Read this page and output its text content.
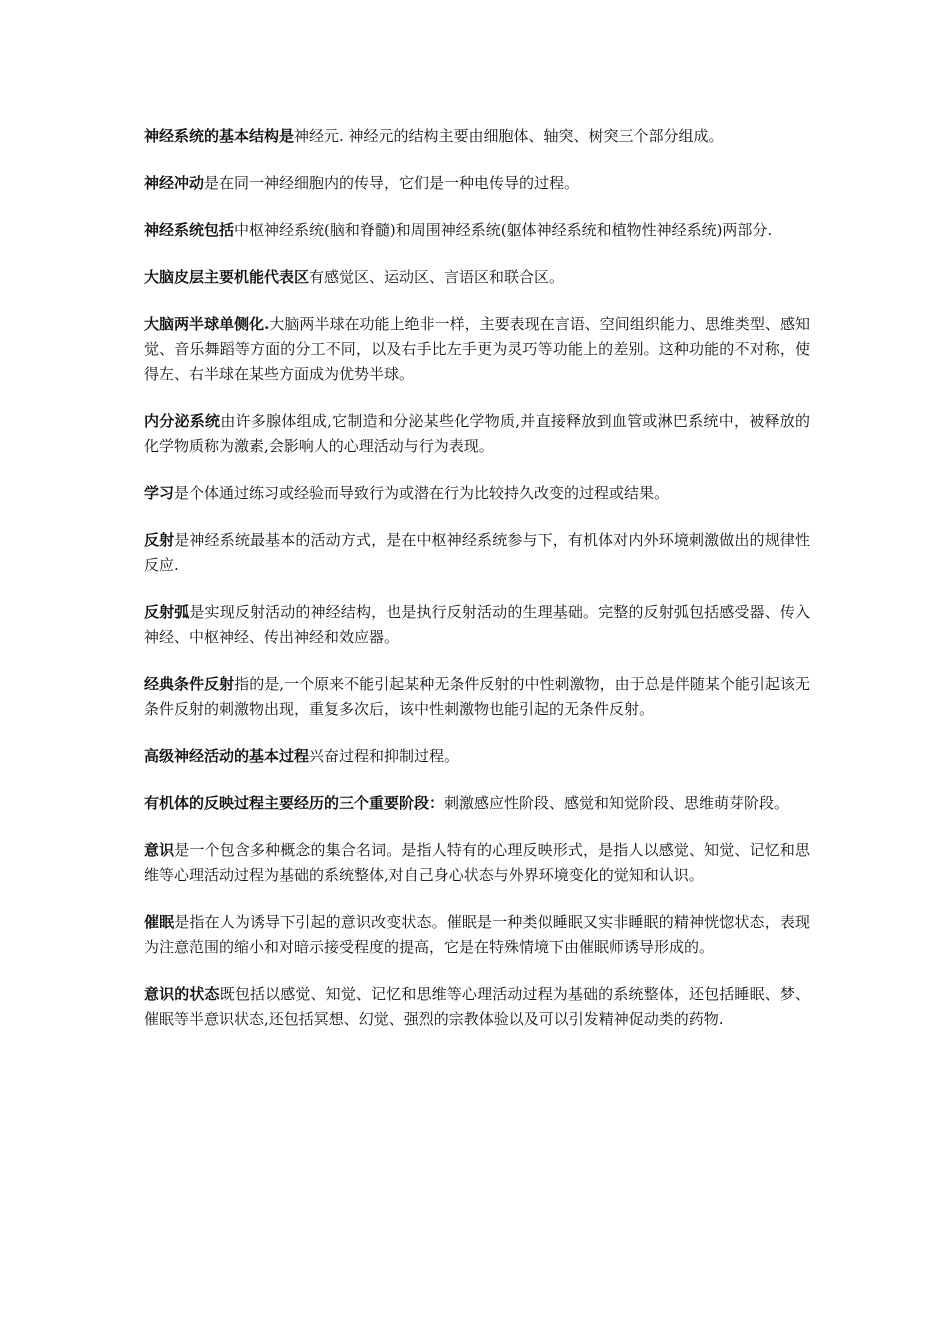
神经系统的基本结构是神经元. 神经元的结构主要由细胞体、轴突、树突三个部分组成。

神经冲动是在同一神经细胞内的传导，它们是一种电传导的过程。

神经系统包括中枢神经系统(脑和脊髓)和周围神经系统(躯体神经系统和植物性神经系统)两部分.

大脑皮层主要机能代表区有感觉区、运动区、言语区和联合区。

大脑两半球单侧化.大脑两半球在功能上绝非一样，主要表现在言语、空间组织能力、思维类型、感知觉、音乐舞蹈等方面的分工不同，以及右手比左手更为灵巧等功能上的差别。这种功能的不对称，使得左、右半球在某些方面成为优势半球。

内分泌系统由许多腺体组成,它制造和分泌某些化学物质,并直接释放到血管或淋巴系统中，被释放的化学物质称为激素,会影响人的心理活动与行为表现。

学习是个体通过练习或经验而导致行为或潜在行为比较持久改变的过程或结果。

反射是神经系统最基本的活动方式，是在中枢神经系统参与下，有机体对内外环境刺激做出的规律性反应.

反射弧是实现反射活动的神经结构，也是执行反射活动的生理基础。完整的反射弧包括感受器、传入神经、中枢神经、传出神经和效应器。

经典条件反射指的是,一个原来不能引起某种无条件反射的中性刺激物，由于总是伴随某个能引起该无条件反射的刺激物出现，重复多次后，该中性刺激物也能引起的无条件反射。

高级神经活动的基本过程兴奋过程和抑制过程。

有机体的反映过程主要经历的三个重要阶段：刺激感应性阶段、感觉和知觉阶段、思维萌芽阶段。

意识是一个包含多种概念的集合名词。是指人特有的心理反映形式，是指人以感觉、知觉、记忆和思维等心理活动过程为基础的系统整体,对自己身心状态与外界环境变化的觉知和认识。

催眠是指在人为诱导下引起的意识改变状态。催眠是一种类似睡眠又实非睡眠的精神恍惚状态，表现为注意范围的缩小和对暗示接受程度的提高，它是在特殊情境下由催眠师诱导形成的。

意识的状态既包括以感觉、知觉、记忆和思维等心理活动过程为基础的系统整体，还包括睡眠、梦、催眠等半意识状态,还包括冥想、幻觉、强烈的宗教体验以及可以引发精神促动类的药物.
